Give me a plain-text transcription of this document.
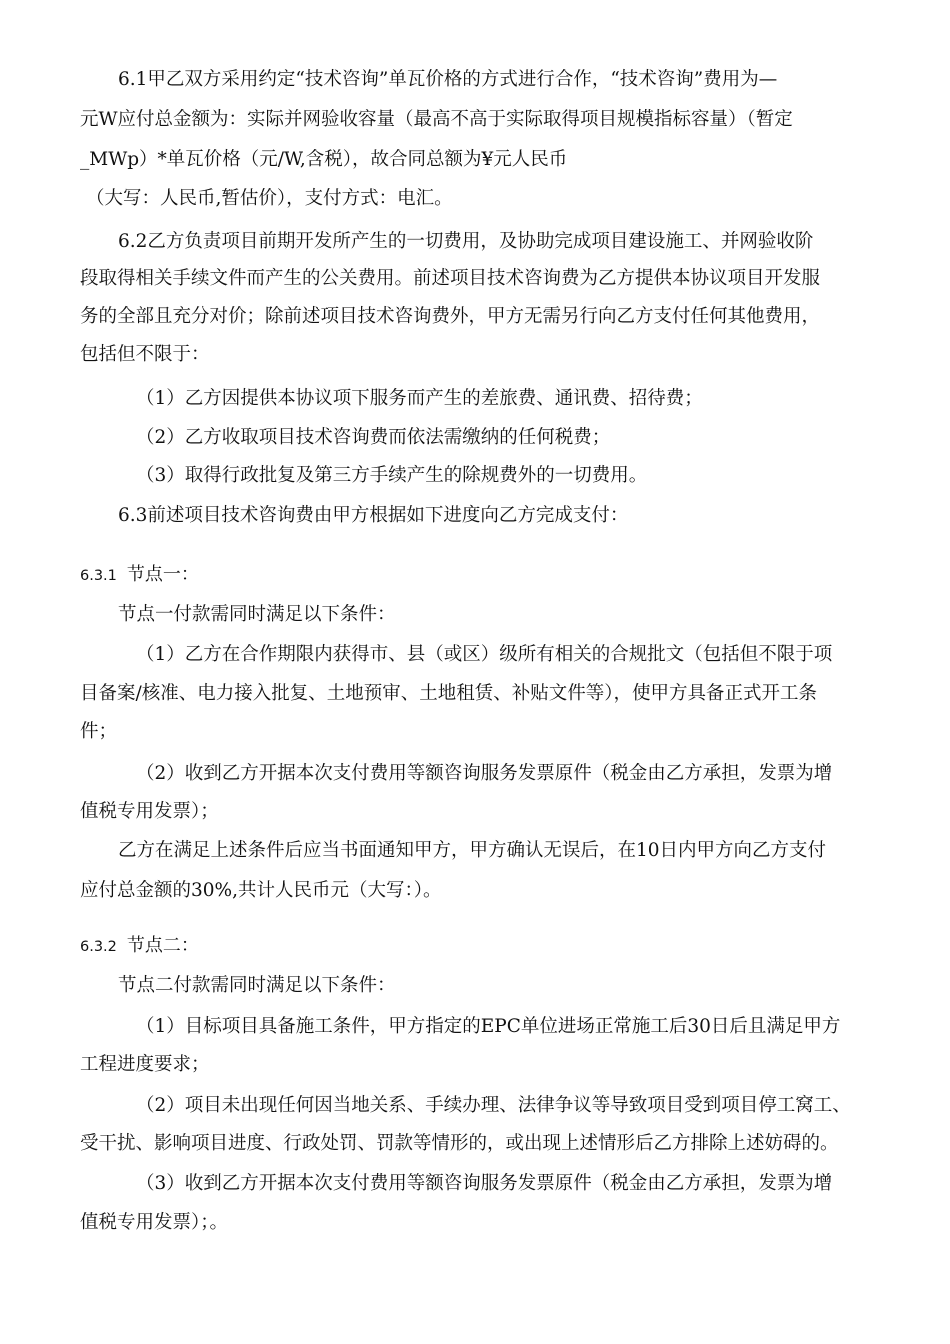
6.1甲乙双方采用约定“技术咨询”单瓦价格的方式进行合作，“技术咨询”费用为—

元W应付总金额为：实际并网验收容量（最高不高于实际取得项目规模指标容量）（暂定

_MWp）*单瓦价格（元/W,含税），故合同总额为¥元人民币

（大写：人民币,暂估价），支付方式：电汇。

6.2乙方负责项目前期开发所产生的一切费用，及协助完成项目建设施工、并网验收阶

段取得相关手续文件而产生的公关费用。前述项目技术咨询费为乙方提供本协议项目开发服

务的全部且充分对价；除前述项目技术咨询费外，甲方无需另行向乙方支付任何其他费用，

包括但不限于：

（1）乙方因提供本协议项下服务而产生的差旅费、通讯费、招待费；

（2）乙方收取项目技术咨询费而依法需缴纳的任何税费；

（3）取得行政批复及第三方手续产生的除规费外的一切费用。

6.3前述项目技术咨询费由甲方根据如下进度向乙方完成支付：

6.3.1 节点一：

节点一付款需同时满足以下条件：

（1）乙方在合作期限内获得市、县（或区）级所有相关的合规批文（包括但不限于项

目备案/核准、电力接入批复、土地预审、土地租赁、补贴文件等），使甲方具备正式开工条

件；

（2）收到乙方开据本次支付费用等额咨询服务发票原件（税金由乙方承担，发票为增

值税专用发票）；

乙方在满足上述条件后应当书面通知甲方，甲方确认无误后，在10日内甲方向乙方支付

应付总金额的30%,共计人民币元（大写：）。

6.3.2 节点二：

节点二付款需同时满足以下条件：

（1）目标项目具备施工条件，甲方指定的EPC单位进场正常施工后30日后且满足甲方

工程进度要求；

（2）项目未出现任何因当地关系、手续办理、法律争议等导致项目受到项目停工窝工、

受干扰、影响项目进度、行政处罚、罚款等情形的，或出现上述情形后乙方排除上述妨碍的。

（3）收到乙方开据本次支付费用等额咨询服务发票原件（税金由乙方承担，发票为增

值税专用发票）；。
